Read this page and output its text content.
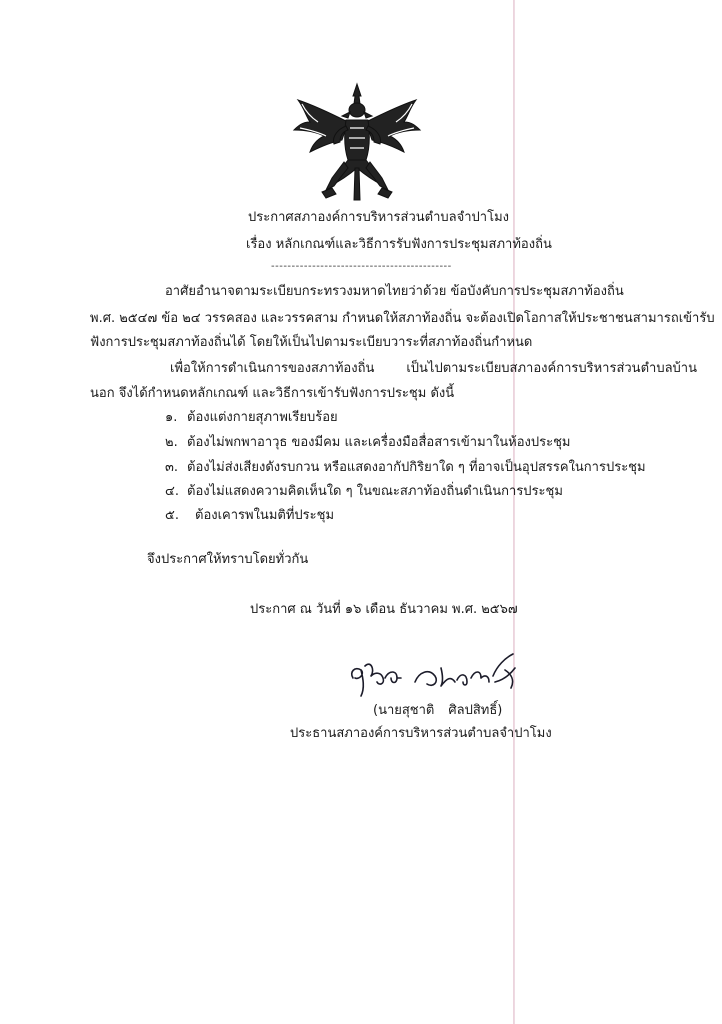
ประกาศสภาองค์การบริหารส่วนตำบลจำปาโมง
เรื่อง หลักเกณฑ์และวิธีการรับฟังการประชุมสภาท้องถิ่น
--------------------------------------------
อาศัยอำนาจตามระเบียบกระทรวงมหาดไทยว่าด้วย ข้อบังคับการประชุมสภาท้องถิ่น
พ.ศ. ๒๕๔๗ ข้อ ๒๔ วรรคสอง และวรรคสาม กำหนดให้สภาท้องถิ่น จะต้องเปิดโอกาสให้ประชาชนสามารถเข้ารับ
ฟังการประชุมสภาท้องถิ่นได้ โดยให้เป็นไปตามระเบียบวาระที่สภาท้องถิ่นกำหนด
เพื่อให้การดำเนินการของสภาท้องถิ่น เป็นไปตามระเบียบสภาองค์การบริหารส่วนตำบลบ้าน
นอก จึงได้กำหนดหลักเกณฑ์ และวิธีการเข้ารับฟังการประชุม ดังนี้
๑. ต้องแต่งกายสุภาพเรียบร้อย
๒. ต้องไม่พกพาอาวุธ ของมีคม และเครื่องมือสื่อสารเข้ามาในห้องประชุม
๓. ต้องไม่ส่งเสียงดังรบกวน หรือแสดงอากัปกิริยาใด ๆ ที่อาจเป็นอุปสรรคในการประชุม
๔. ต้องไม่แสดงความคิดเห็นใด ๆ ในขณะสภาท้องถิ่นดำเนินการประชุม
๕. ต้องเคารพในมติที่ประชุม
จึงประกาศให้ทราบโดยทั่วกัน
ประกาศ ณ วันที่ ๑๖ เดือน ธันวาคม พ.ศ. ๒๕๖๗
(นายสุชาติ ศิลปสิทธิ์)
ประธานสภาองค์การบริหารส่วนตำบลจำปาโมง
